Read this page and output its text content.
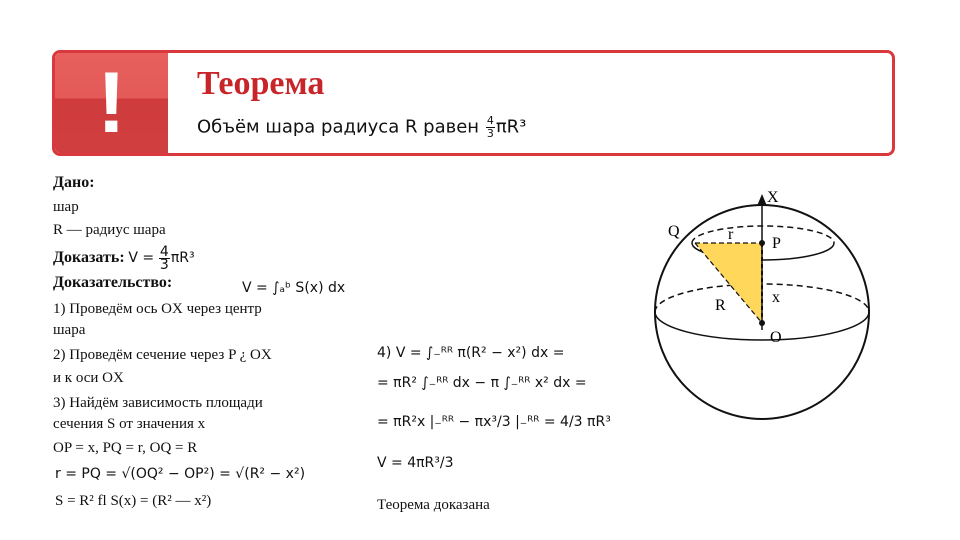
!	Теорема
Объём шара радиуса R равен $\frac{4}{3} \pi R^3$
Дано:
шар
R — радиус шара
Доказать: $V = \frac{4}{3} \pi R^3$
Доказательство:	V = ∫ₐᵇ S(x) dx
1) Проведём ось OX через центр
шара
2) Проведём сечение через P ¿ OX
и к оси OX
3) Найдём зависимость площади
сечения S от значения x
OP = x, PQ = r, OQ = R
r = PQ = √(OQ² − OP²) = √(R² − x²)
S = R² fl S(x) = (R² — x²)
4) V = ∫₋ᴿᴿ π(R² − x²) dx =
= πR² ∫₋ᴿᴿ dx − π ∫₋ᴿᴿ x² dx =
= πR²x |₋ᴿᴿ − πx³/3 |₋ᴿᴿ = 4/3 πR³
V = 4πR³/3
Теорема доказана
X
Q	r
P
R	x
O
